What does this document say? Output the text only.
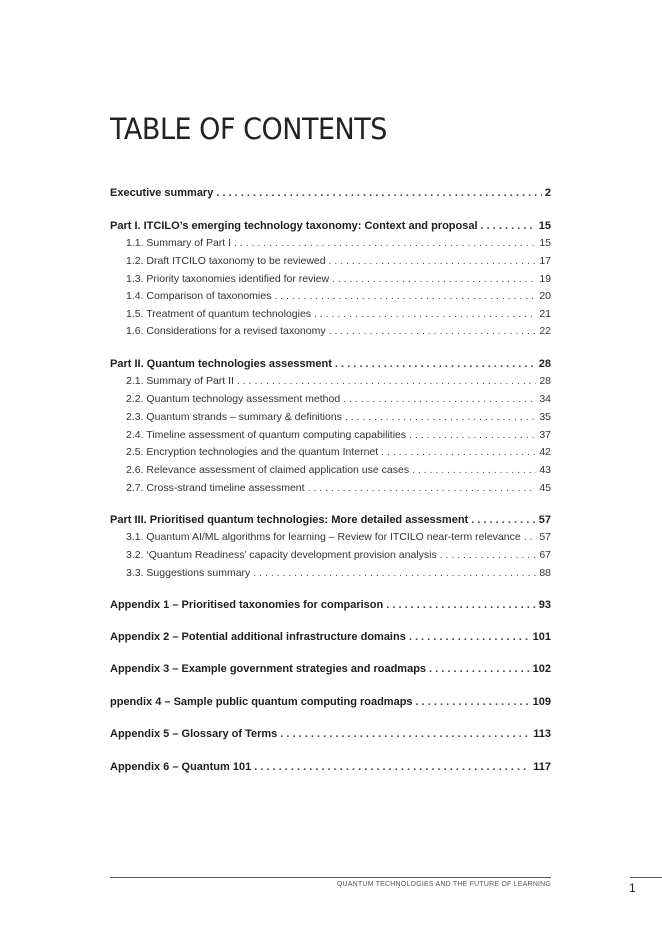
TABLE OF CONTENTS
Executive summary . . .	2
Part I. ITCILO’s emerging technology taxonomy: Context and proposal . . .	15
1.1. Summary of Part I . . .	15
1.2. Draft ITCILO taxonomy to be reviewed . . .	17
1.3. Priority taxonomies identified for review . . .	19
1.4. Comparison of taxonomies . . .	20
1.5. Treatment of quantum technologies . . .	21
1.6. Considerations for a revised taxonomy . . .	22
Part II. Quantum technologies assessment . . .	28
2.1. Summary of Part II . . .	28
2.2. Quantum technology assessment method . . .	34
2.3. Quantum strands – summary & definitions . . .	35
2.4. Timeline assessment of quantum computing capabilities . . .	37
2.5. Encryption technologies and the quantum Internet . . .	42
2.6. Relevance assessment of claimed application use cases . . .	43
2.7. Cross-strand timeline assessment . . .	45
Part III. Prioritised quantum technologies: More detailed assessment . . .	57
3.1. Quantum AI/ML algorithms for learning – Review for ITCILO near-term relevance . . . 57
3.2. ‘Quantum Readiness’ capacity development provision analysis . . .	67
3.3. Suggestions summary . . .	88
Appendix 1 – Prioritised taxonomies for comparison . . .	93
Appendix 2 – Potential additional infrastructure domains . . .	101
Appendix 3 – Example government strategies and roadmaps . . .	102
ppendix 4 – Sample public quantum computing roadmaps . . .	109
Appendix 5 – Glossary of Terms . . .	113
Appendix 6 – Quantum 101 . . .	117
QUANTUM TECHNOLOGIES AND THE FUTURE OF LEARNING	1
